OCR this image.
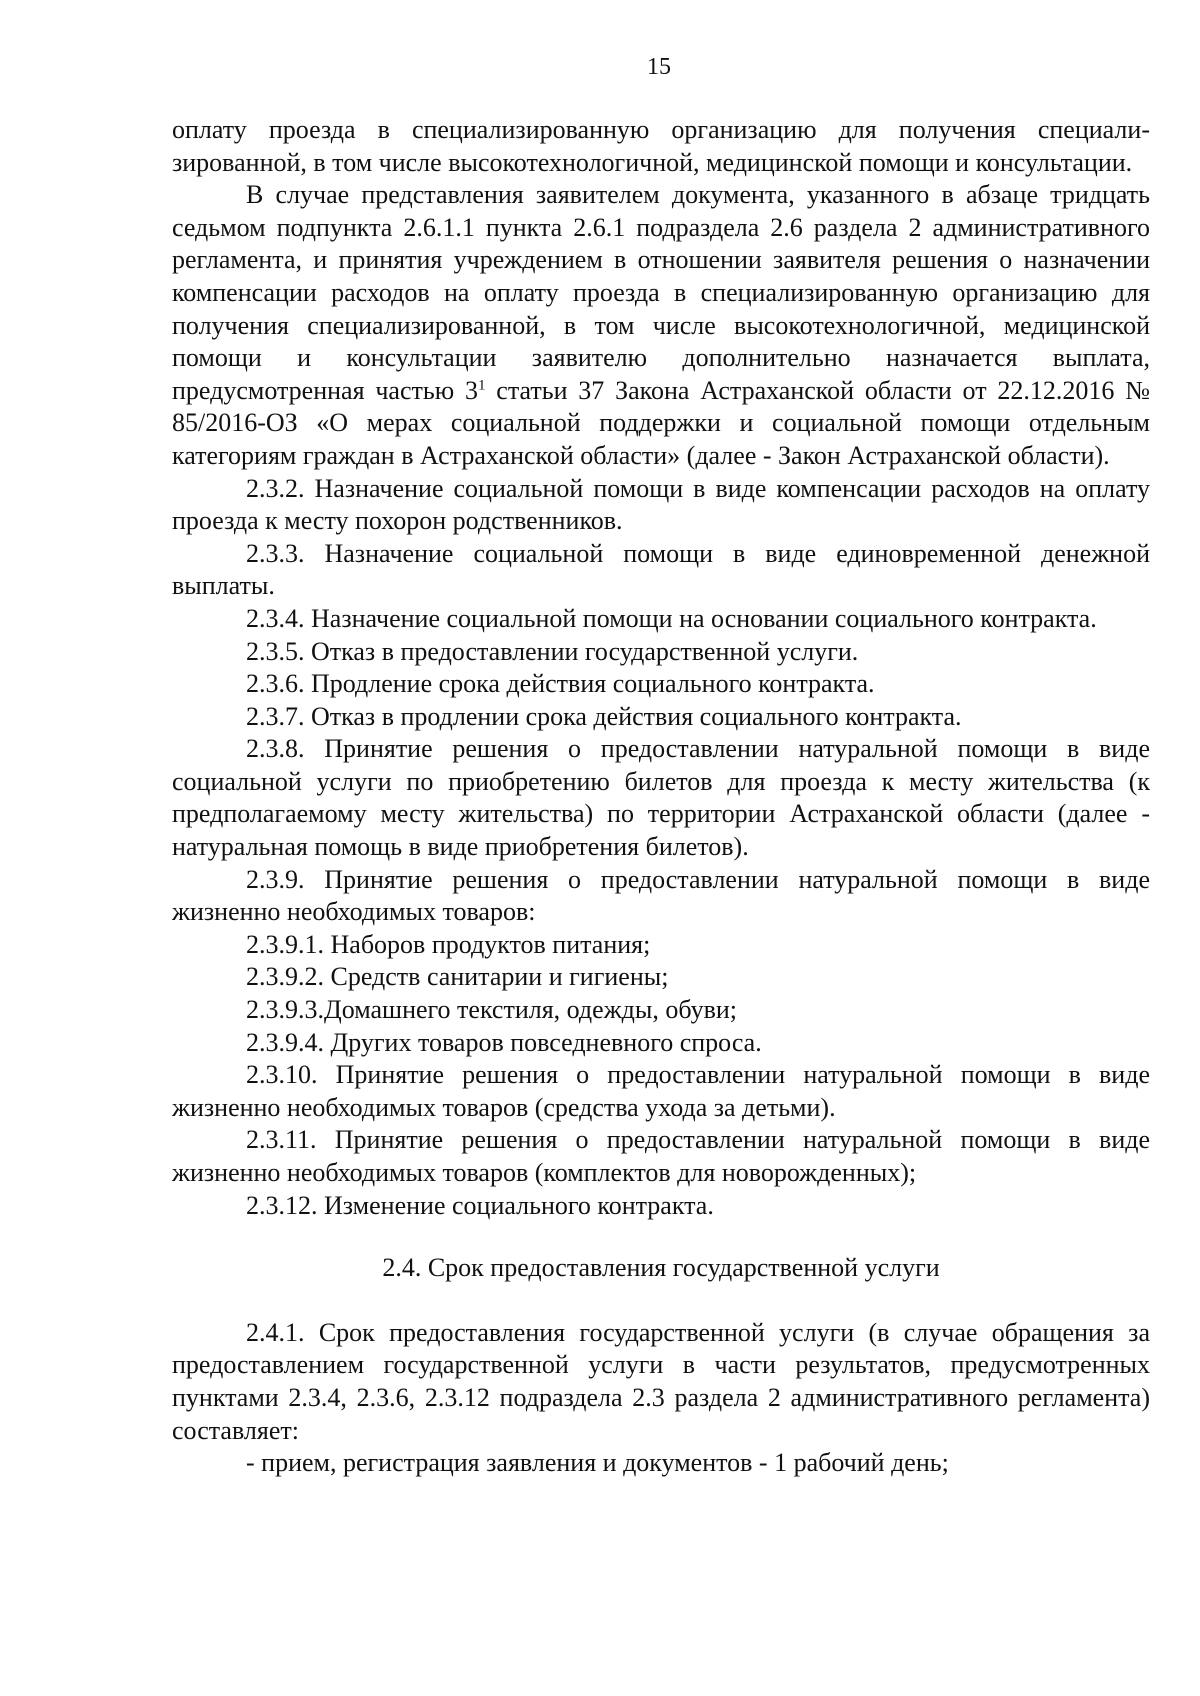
15

оплату проезда в специализированную организацию для получения специализированной, в том числе высокотехнологичной, медицинской помощи и консультации.

В случае представления заявителем документа, указанного в абзаце тридцать седьмом подпункта 2.6.1.1 пункта 2.6.1 подраздела 2.6 раздела 2 административного регламента, и принятия учреждением в отношении заявителя решения о назначении компенсации расходов на оплату проезда в специализированную организацию для получения специализированной, в том числе высокотехнологичной, медицинской помощи и консультации заявителю дополнительно назначается выплата, предусмотренная частью $3^1$ статьи 37 Закона Астраханской области от 22.12.2016 № 85/2016-ОЗ «О мерах социальной поддержки и социальной помощи отдельным категориям граждан в Астраханской области» (далее - Закон Астраханской области).

2.3.2. Назначение социальной помощи в виде компенсации расходов на оплату проезда к месту похорон родственников.

2.3.3. Назначение социальной помощи в виде единовременной денежной выплаты.

2.3.4. Назначение социальной помощи на основании социального контракта.

2.3.5. Отказ в предоставлении государственной услуги.

2.3.6. Продление срока действия социального контракта.

2.3.7. Отказ в продлении срока действия социального контракта.

2.3.8. Принятие решения о предоставлении натуральной помощи в виде социальной услуги по приобретению билетов для проезда к месту жительства (к предполагаемому месту жительства) по территории Астраханской области (далее - натуральная помощь в виде приобретения билетов).

2.3.9. Принятие решения о предоставлении натуральной помощи в виде жизненно необходимых товаров:

2.3.9.1. Наборов продуктов питания;

2.3.9.2. Средств санитарии и гигиены;

2.3.9.3.Домашнего текстиля, одежды, обуви;

2.3.9.4. Других товаров повседневного спроса.

2.3.10. Принятие решения о предоставлении натуральной помощи в виде жизненно необходимых товаров (средства ухода за детьми).

2.3.11. Принятие решения о предоставлении натуральной помощи в виде жизненно необходимых товаров (комплектов для новорожденных);

2.3.12. Изменение социального контракта.

2.4. Срок предоставления государственной услуги

2.4.1. Срок предоставления государственной услуги (в случае обращения за предоставлением государственной услуги в части результатов, предусмотренных пунктами 2.3.4, 2.3.6, 2.3.12 подраздела 2.3 раздела 2 административного регламента) составляет:

- прием, регистрация заявления и документов - 1 рабочий день;
